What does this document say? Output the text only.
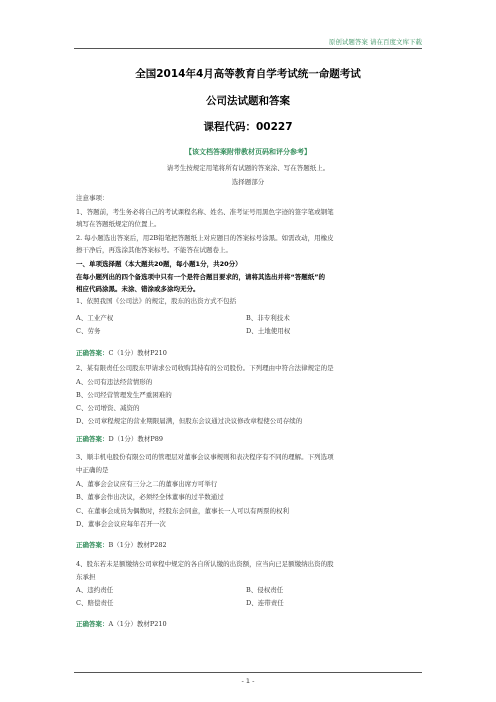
原创试题答案 请在百度文库下载
全国2014年4月高等教育自学考试统一命题考试
公司法试题和答案
课程代码：00227
【该文档答案附带教材页码和评分参考】
请考生按规定用笔将所有试题的答案涂、写在答题纸上。
选择题部分
注意事项：
1、答题前，考生务必将自己的考试课程名称、姓名、准考证号用黑色字迹的签字笔或钢笔
填写在答题纸规定的位置上。
2. 每小题选出答案后，用2B铅笔把答题纸上对应题目的答案标号涂黑。如需改动，用橡皮
擦干净后，再选涂其他答案标号。不能答在试题卷上。
一、单项选择题（本大题共20题，每小题1分，共20分）
在每小题列出的四个备选项中只有一个是符合题目要求的，请将其选出并将“答题纸”的
相应代码涂黑。未涂、错涂或多涂均无分。
1、依照我国《公司法》的规定，股东的出资方式不包括
A、工业产权	B、非专利技术
C、劳务	D、土地使用权
正确答案：C（1分）教材P210
2、某有限责任公司股东甲请求公司收购其持有的公司股份。下列理由中符合法律规定的是
A、公司有违法经营情形的
B、公司经营管理发生严重困难的
C、公司增资、减资的
D、公司章程规定的营业期限届满，但股东会议通过决议修改章程使公司存续的
正确答案：D（1分）教材P89
3、顺丰机电股份有限公司的管理层对董事会议事规则和表决程序有不同的理解。下列选项
中正确的是
A、董事会会议应有三分之二的董事出席方可举行
B、董事会作出决议，必须经全体董事的过半数通过
C、在董事会成员为偶数时，经股东会同意，董事长一人可以有两票的权利
D、董事会会议应每年召开一次
正确答案：B（1分）教材P282
4、股东若未足额缴纳公司章程中规定的各自所认缴的出资额，应当向已足额缴纳出资的股
东承担
A、违约责任	B、侵权责任
C、赔偿责任	D、连带责任
正确答案：A（1分）教材P210
- 1 -
